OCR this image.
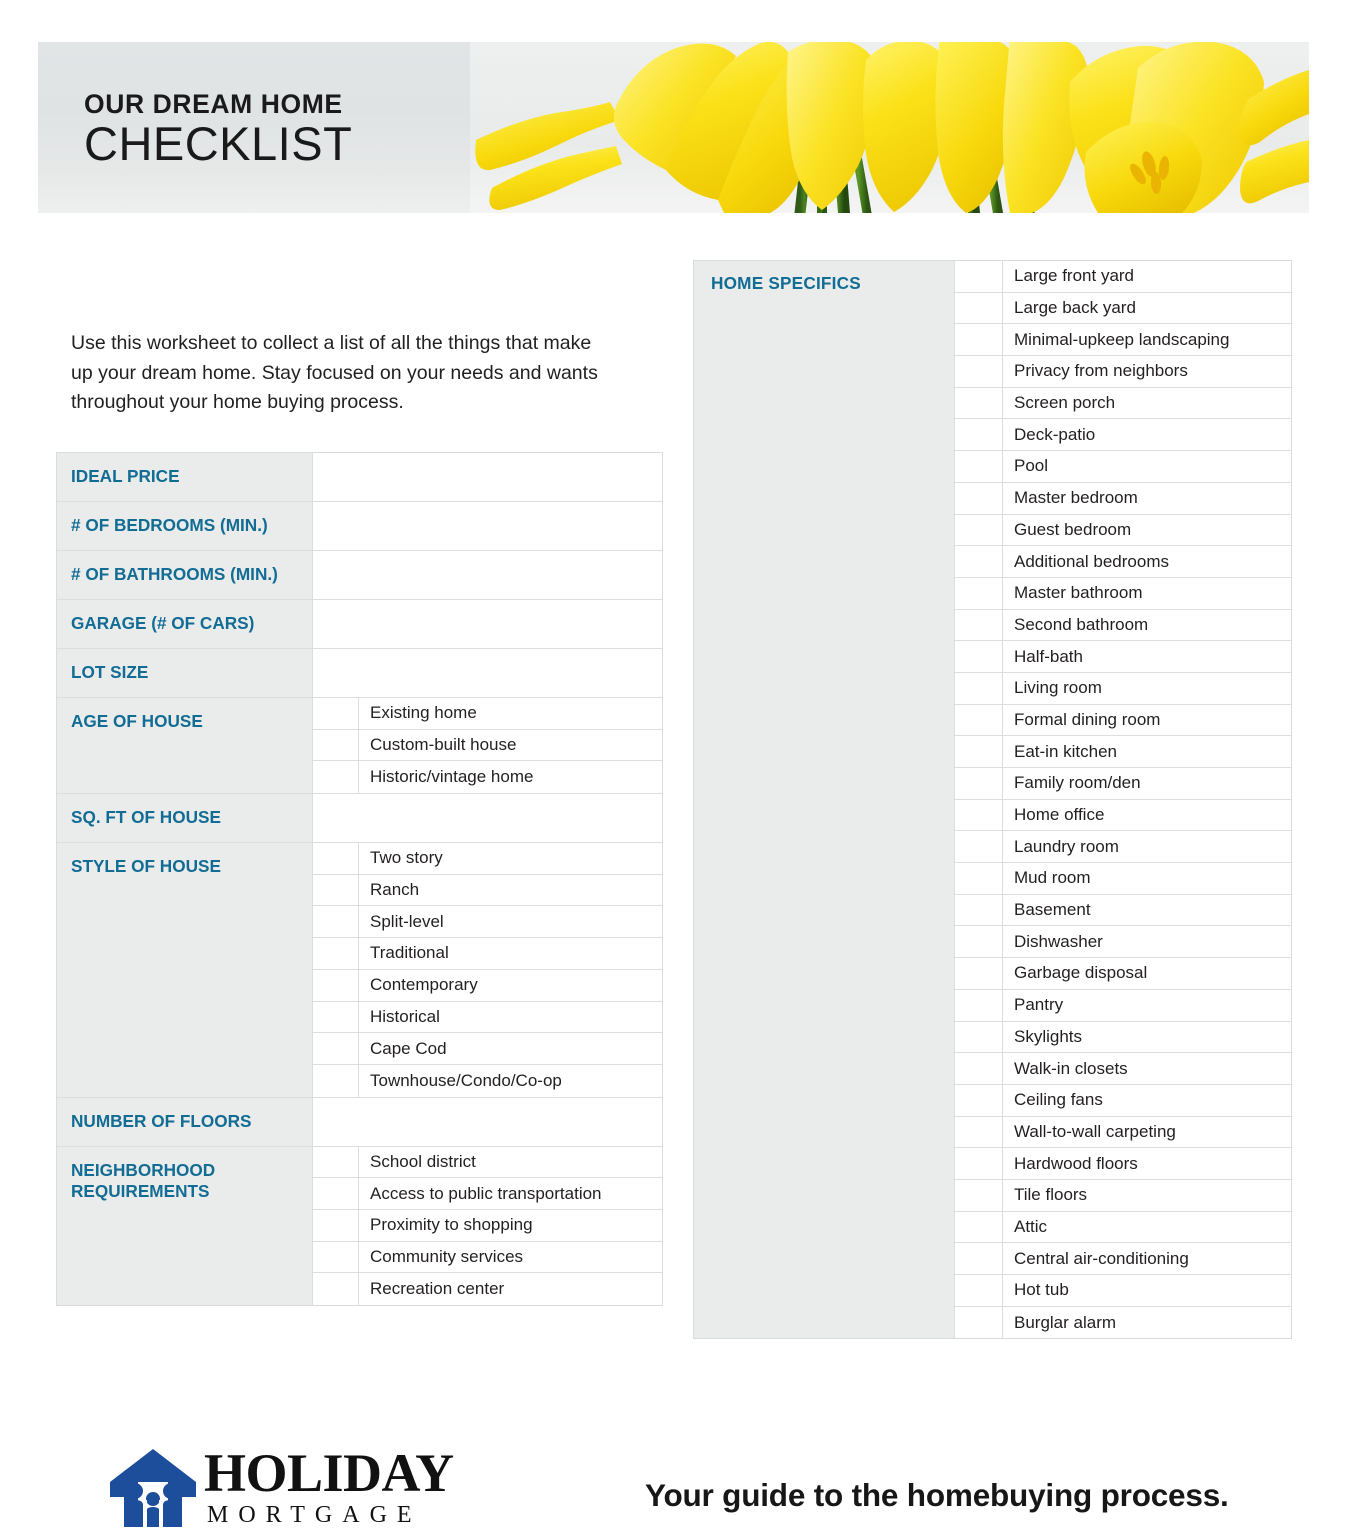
OUR DREAM HOME
CHECKLIST
Use this worksheet to collect a list of all the things that make up your dream home. Stay focused on your needs and wants throughout your home buying process.
IDEAL PRICE
# OF BEDROOMS (MIN.)
# OF BATHROOMS (MIN.)
GARAGE (# OF CARS)
LOT SIZE
AGE OF HOUSE	Existing home
Custom-built house
Historic/vintage home
SQ. FT OF HOUSE
STYLE OF HOUSE	Two story
Ranch
Split-level
Traditional
Contemporary
Historical
Cape Cod
Townhouse/Condo/Co-op
NUMBER OF FLOORS
NEIGHBORHOOD REQUIREMENTS
School district
Access to public transportation
Proximity to shopping
Community services
Recreation center
HOME SPECIFICS	Large front yard
Large back yard
Minimal-upkeep landscaping
Privacy from neighbors
Screen porch
Deck-patio
Pool
Master bedroom
Guest bedroom
Additional bedrooms
Master bathroom
Second bathroom
Half-bath
Living room
Formal dining room
Eat-in kitchen
Family room/den
Home office
Laundry room
Mud room
Basement
Dishwasher
Garbage disposal
Pantry
Skylights
Walk-in closets
Ceiling fans
Wall-to-wall carpeting
Hardwood floors
Tile floors
Attic
Central air-conditioning
Hot tub
Burglar alarm
HOLIDAY
MORTGAGE
Your guide to the homebuying process.
